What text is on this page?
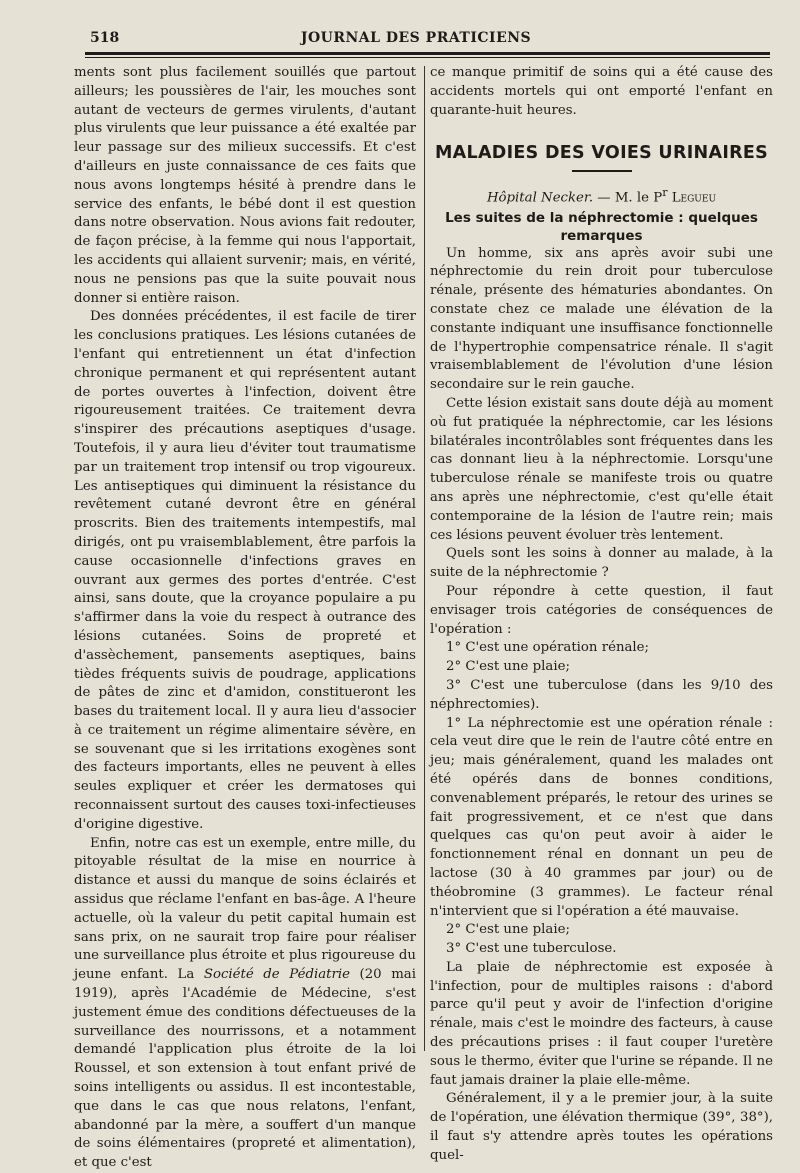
518	JOURNAL DES PRATICIENS

ments sont plus facilement souillés que partout ailleurs; les poussières de l'air, les mouches sont autant de vecteurs de germes virulents, d'autant plus virulents que leur puissance a été exaltée par leur passage sur des milieux successifs. Et c'est d'ailleurs en juste connaissance de ces faits que nous avons longtemps hésité à prendre dans le service des enfants, le bébé dont il est question dans notre observation. Nous avions fait redouter, de façon précise, à la femme qui nous l'apportait, les accidents qui allaient survenir; mais, en vérité, nous ne pensions pas que la suite pouvait nous donner si entière raison.

Des données précédentes, il est facile de tirer les conclusions pratiques. Les lésions cutanées de l'enfant qui entretiennent un état d'infection chronique permanent et qui représentent autant de portes ouvertes à l'infection, doivent être rigoureusement traitées. Ce traitement devra s'inspirer des précautions aseptiques d'usage. Toutefois, il y aura lieu d'éviter tout traumatisme par un traitement trop intensif ou trop vigoureux. Les antiseptiques qui diminuent la résistance du revêtement cutané devront être en général proscrits. Bien des traitements intempestifs, mal dirigés, ont pu vraisemblablement, être parfois la cause occasionnelle d'infections graves en ouvrant aux germes des portes d'entrée. C'est ainsi, sans doute, que la croyance populaire a pu s'affirmer dans la voie du respect à outrance des lésions cutanées. Soins de propreté et d'assèchement, pansements aseptiques, bains tièdes fréquents suivis de poudrage, applications de pâtes de zinc et d'amidon, constitueront les bases du traitement local. Il y aura lieu d'associer à ce traitement un régime alimentaire sévère, en se souvenant que si les irritations exogènes sont des facteurs importants, elles ne peuvent à elles seules expliquer et créer les dermatoses qui reconnaissent surtout des causes toxi-infectieuses d'origine digestive.

Enfin, notre cas est un exemple, entre mille, du pitoyable résultat de la mise en nourrice à distance et aussi du manque de soins éclairés et assidus que réclame l'enfant en bas-âge. A l'heure actuelle, où la valeur du petit capital humain est sans prix, on ne saurait trop faire pour réaliser une surveillance plus étroite et plus rigoureuse du jeune enfant. La Société de Pédiatrie (20 mai 1919), après l'Académie de Médecine, s'est justement émue des conditions défectueuses de la surveillance des nourrissons, et a notamment demandé l'application plus étroite de la loi Roussel, et son extension à tout enfant privé de soins intelligents ou assidus. Il est incontestable, que dans le cas que nous relatons, l'enfant, abandonné par la mère, a souffert d'un manque de soins élémentaires (propreté et alimentation), et que c'est

ce manque primitif de soins qui a été cause des accidents mortels qui ont emporté l'enfant en quarante-huit heures.

MALADIES DES VOIES URINAIRES
Hôpital Necker. — M. le $P^r$ Legueu
Les suites de la néphrectomie : quelques remarques

Un homme, six ans après avoir subi une néphrectomie du rein droit pour tuberculose rénale, présente des hématuries abondantes. On constate chez ce malade une élévation de la constante indiquant une insuffisance fonctionnelle de l'hypertrophie compensatrice rénale. Il s'agit vraisemblablement de l'évolution d'une lésion secondaire sur le rein gauche.

Cette lésion existait sans doute déjà au moment où fut pratiquée la néphrectomie, car les lésions bilatérales incontrôlables sont fréquentes dans les cas donnant lieu à la néphrectomie. Lorsqu'une tuberculose rénale se manifeste trois ou quatre ans après une néphrectomie, c'est qu'elle était contemporaine de la lésion de l'autre rein; mais ces lésions peuvent évoluer très lentement.

Quels sont les soins à donner au malade, à la suite de la néphrectomie ?

Pour répondre à cette question, il faut envisager trois catégories de conséquences de l'opération :

1° C'est une opération rénale;

2° C'est une plaie;

3° C'est une tuberculose (dans les 9/10 des néphrectomies).

1° La néphrectomie est une opération rénale : cela veut dire que le rein de l'autre côté entre en jeu; mais généralement, quand les malades ont été opérés dans de bonnes conditions, convenablement préparés, le retour des urines se fait progressivement, et ce n'est que dans quelques cas qu'on peut avoir à aider le fonctionnement rénal en donnant un peu de lactose (30 à 40 grammes par jour) ou de théobromine (3 grammes). Le facteur rénal n'intervient que si l'opération a été mauvaise.

2° C'est une plaie;

3° C'est une tuberculose.

La plaie de néphrectomie est exposée à l'infection, pour de multiples raisons : d'abord parce qu'il peut y avoir de l'infection d'origine rénale, mais c'est le moindre des facteurs, à cause des précautions prises : il faut couper l'uretère sous le thermo, éviter que l'urine se répande. Il ne faut jamais drainer la plaie elle-même.

Généralement, il y a le premier jour, à la suite de l'opération, une élévation thermique (39°, 38°), il faut s'y attendre après toutes les opérations quel-
